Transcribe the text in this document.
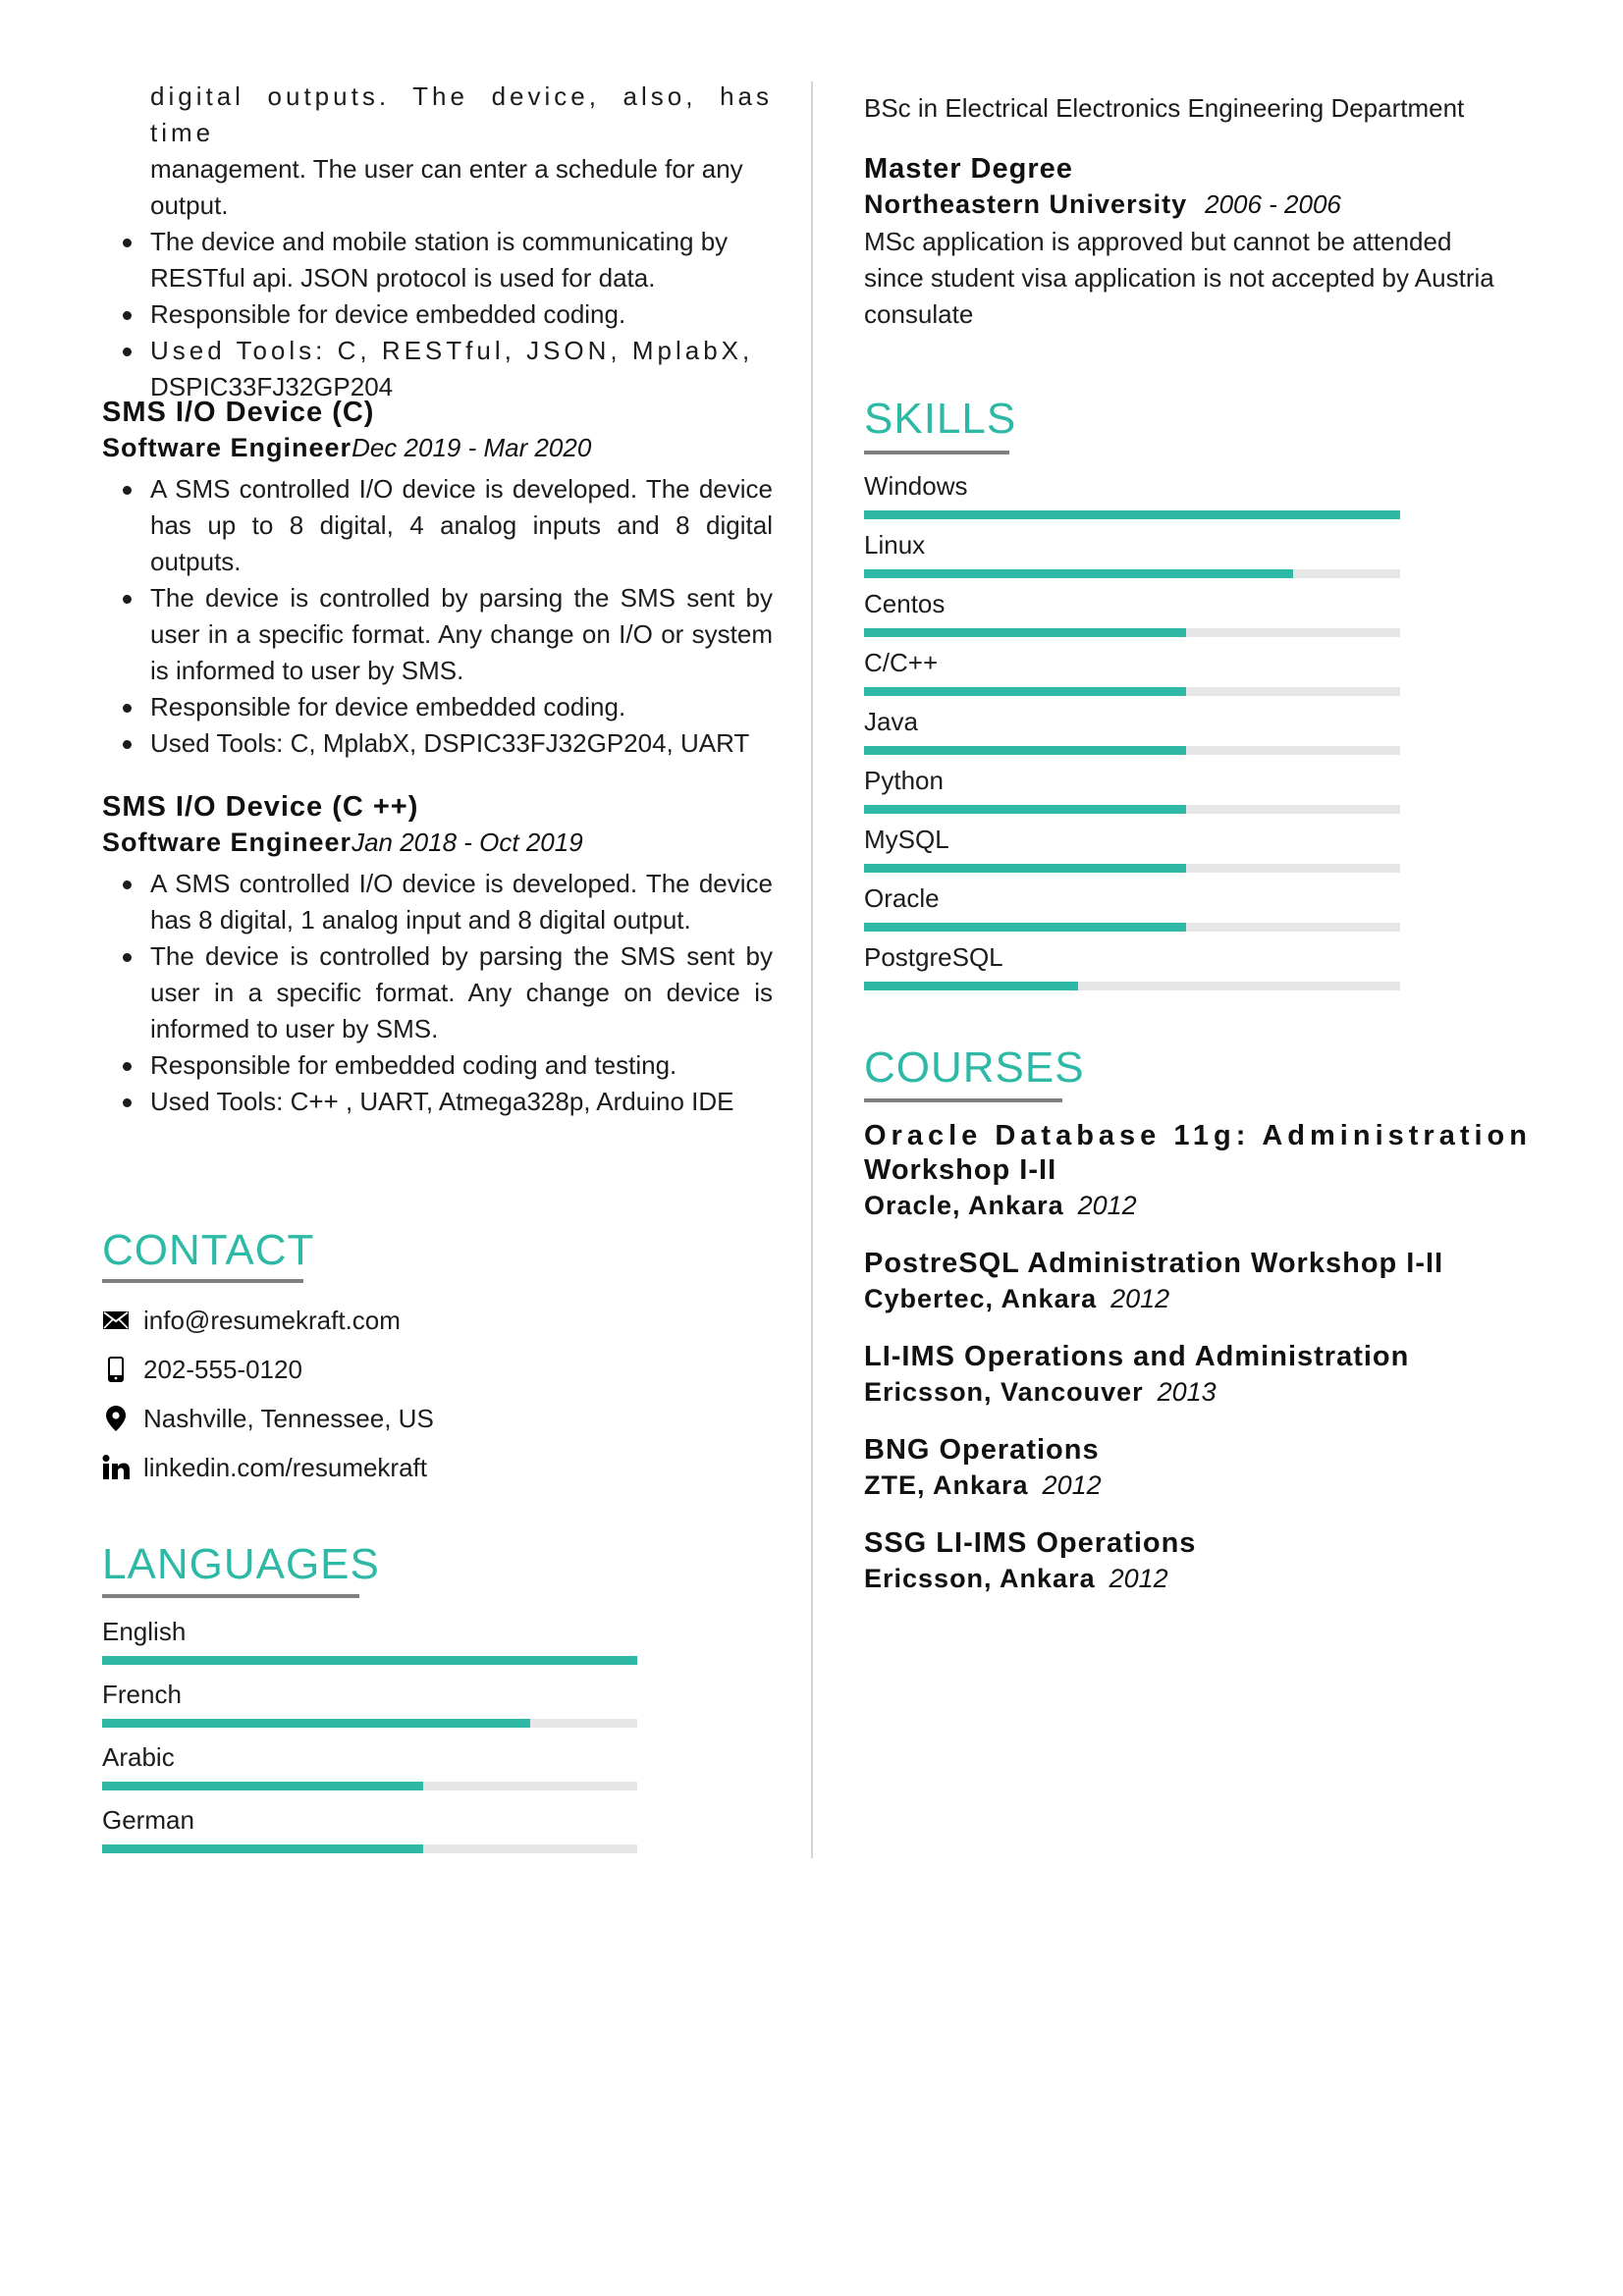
digital outputs. The device, also, has time
management. The user can enter a schedule for any
output.
The device and mobile station is communicating by
RESTful api. JSON protocol is used for data.
Responsible for device embedded coding.
Used Tools: C, RESTful, JSON, MplabX,
DSPIC33FJ32GP204
SMS I/O Device (C)
Software EngineerDec 2019 - Mar 2020
A SMS controlled I/O device is developed. The device has up to 8 digital, 4 analog inputs and 8 digital outputs.
The device is controlled by parsing the SMS sent by user in a specific format. Any change on I/O or system is informed to user by SMS.
Responsible for device embedded coding.
Used Tools: C, MplabX, DSPIC33FJ32GP204, UART
SMS I/O Device (C ++)
Software EngineerJan 2018 - Oct 2019
A SMS controlled I/O device is developed. The device has 8 digital, 1 analog input and 8 digital output.
The device is controlled by parsing the SMS sent by user in a specific format. Any change on device is informed to user by SMS.
Responsible for embedded coding and testing.
Used Tools: C++ , UART, Atmega328p, Arduino IDE
CONTACT
info@resumekraft.com
202-555-0120
Nashville, Tennessee, US
linkedin.com/resumekraft
LANGUAGES
English
French
Arabic
German
BSc in Electrical Electronics Engineering Department
Master Degree
Northeastern University 2006 - 2006
MSc application is approved but cannot be attended
since student visa application is not accepted by Austria
consulate
SKILLS
Windows
Linux
Centos
C/C++
Java
Python
MySQL
Oracle
PostgreSQL
COURSES
Oracle Database 11g: Administration
Workshop I-II
Oracle, Ankara 2012
PostreSQL Administration Workshop I-II
Cybertec, Ankara 2012
LI-IMS Operations and Administration
Ericsson, Vancouver 2013
BNG Operations
ZTE, Ankara 2012
SSG LI-IMS Operations
Ericsson, Ankara 2012
